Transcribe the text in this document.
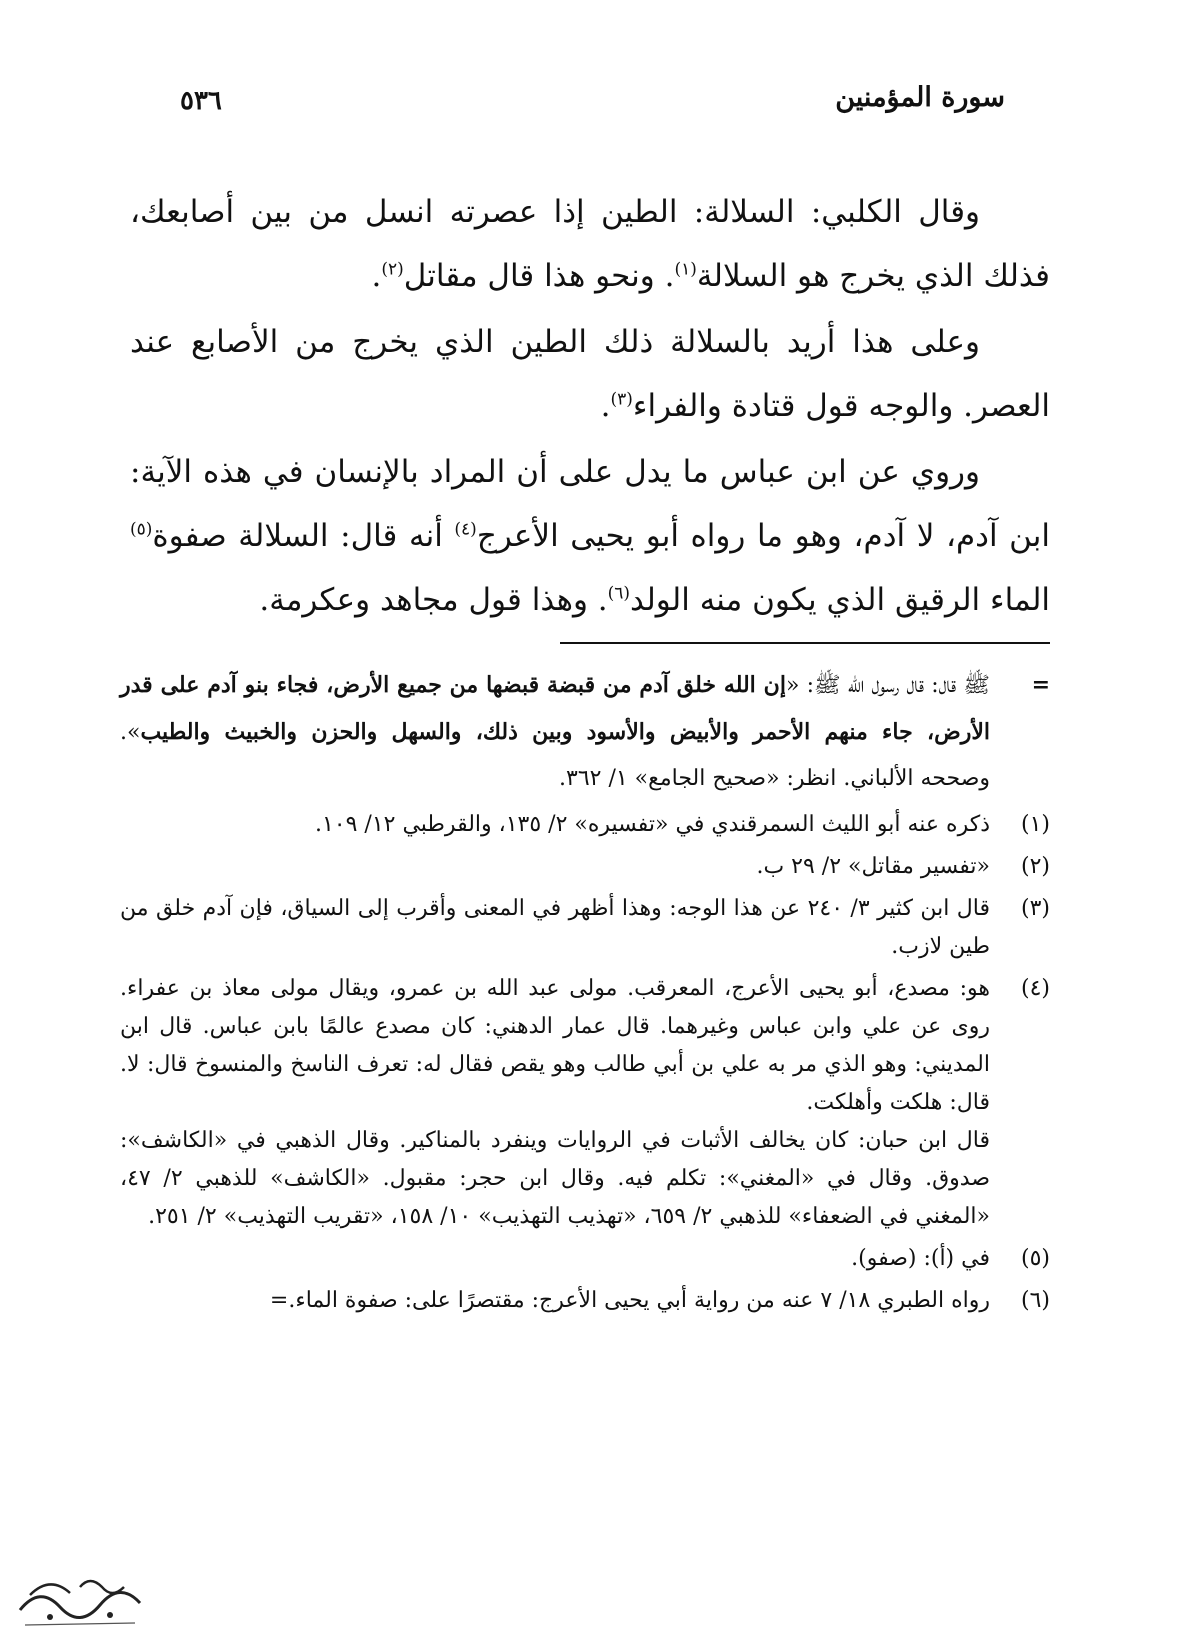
سورة المؤمنين
٥٣٦

وقال الكلبي: السلالة: الطين إذا عصرته انسل من بين أصابعك، فذلك الذي يخرج هو السلالة$^{(١)}$. ونحو هذا قال مقاتل$^{(٢)}$.

وعلى هذا أريد بالسلالة ذلك الطين الذي يخرج من الأصابع عند العصر. والوجه قول قتادة والفراء$^{(٣)}$.

وروي عن ابن عباس ما يدل على أن المراد بالإنسان في هذه الآية: ابن آدم، لا آدم، وهو ما رواه أبو يحيى الأعرج$^{(٤)}$ أنه قال: السلالة صفوة$^{(٥)}$ الماء الرقيق الذي يكون منه الولد$^{(٦)}$. وهذا قول مجاهد وعكرمة.

=
ﷺ قال: قال رسول الله ﷺ: «إن الله خلق آدم من قبضة قبضها من جميع الأرض، فجاء بنو آدم على قدر الأرض، جاء منهم الأحمر والأبيض والأسود وبين ذلك، والسهل والحزن والخبيث والطيب». وصححه الألباني. انظر: «صحيح الجامع» ١/ ٣٦٢.
(١)
ذكره عنه أبو الليث السمرقندي في «تفسيره» ٢/ ١٣٥، والقرطبي ١٢/ ١٠٩.
(٢)
«تفسير مقاتل» ٢/ ٢٩ ب.
(٣)
قال ابن كثير ٣/ ٢٤٠ عن هذا الوجه: وهذا أظهر في المعنى وأقرب إلى السياق، فإن آدم خلق من طين لازب.
(٤)
هو: مصدع، أبو يحيى الأعرج، المعرقب. مولى عبد الله بن عمرو، ويقال مولى معاذ بن عفراء. روى عن علي وابن عباس وغيرهما. قال عمار الدهني: كان مصدع عالمًا بابن عباس. قال ابن المديني: وهو الذي مر به علي بن أبي طالب وهو يقص فقال له: تعرف الناسخ والمنسوخ قال: لا. قال: هلكت وأهلكت.
قال ابن حبان: كان يخالف الأثبات في الروايات وينفرد بالمناكير. وقال الذهبي في «الكاشف»: صدوق. وقال في «المغني»: تكلم فيه. وقال ابن حجر: مقبول. «الكاشف» للذهبي ٢/ ٤٧، «المغني في الضعفاء» للذهبي ٢/ ٦٥٩، «تهذيب التهذيب» ١٠/ ١٥٨، «تقريب التهذيب» ٢/ ٢٥١.
(٥)
في (أ): (صفو).
(٦)
رواه الطبري ١٨/ ٧ عنه من رواية أبي يحيى الأعرج: مقتصرًا على: صفوة الماء.=
